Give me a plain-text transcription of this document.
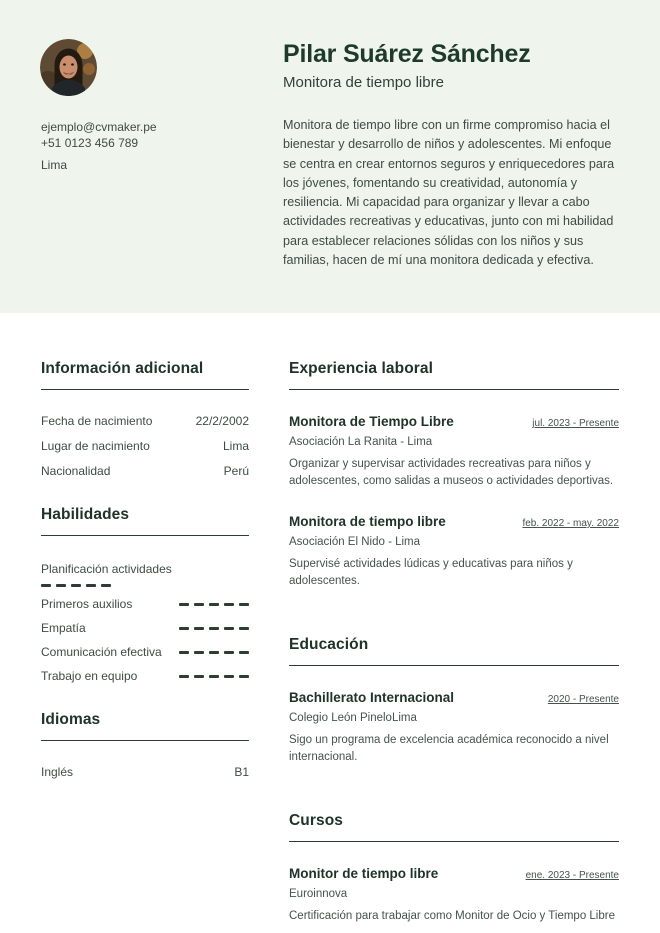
Pilar Suárez Sánchez
Monitora de tiempo libre
ejemplo@cvmaker.pe
+51 0123 456 789
Lima
Monitora de tiempo libre con un firme compromiso hacia el bienestar y desarrollo de niños y adolescentes. Mi enfoque se centra en crear entornos seguros y enriquecedores para los jóvenes, fomentando su creatividad, autonomía y resiliencia. Mi capacidad para organizar y llevar a cabo actividades recreativas y educativas, junto con mi habilidad para establecer relaciones sólidas con los niños y sus familias, hacen de mí una monitora dedicada y efectiva.
Información adicional
Fecha de nacimiento	22/2/2002
Lugar de nacimiento	Lima
Nacionalidad	Perú
Habilidades
Planificación actividades
Primeros auxilios
Empatía
Comunicación efectiva
Trabajo en equipo
Idiomas
Inglés	B1
Experiencia laboral
Monitora de Tiempo Libre	jul. 2023 - Presente
Asociación La Ranita - Lima

Organizar y supervisar actividades recreativas para niños y adolescentes, como salidas a museos o actividades deportivas.

Monitora de tiempo libre	feb. 2022 - may. 2022
Asociación El Nido - Lima

Supervisé actividades lúdicas y educativas para niños y adolescentes.

Educación
Bachillerato Internacional	2020 - Presente
Colegio León PineloLima

Sigo un programa de excelencia académica reconocido a nivel internacional.

Cursos
Monitor de tiempo libre	ene. 2023 - Presente
Euroinnova

Certificación para trabajar como Monitor de Ocio y Tiempo Libre
